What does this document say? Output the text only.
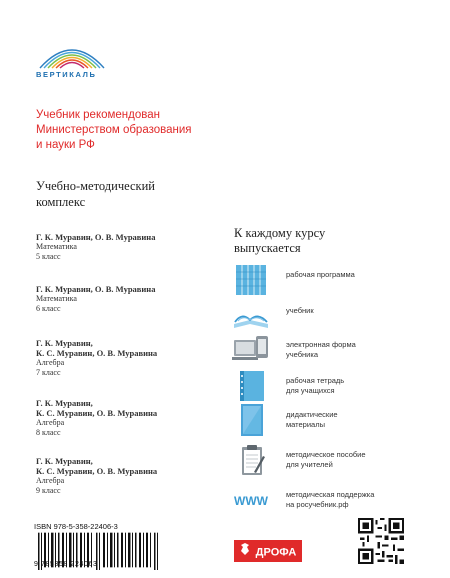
ВЕРТИКАЛЬ
Учебник рекомендован
Министерством образования
и науки РФ
Учебно-методический
комплекс
Г. К. Муравин, О. В. Муравина
Математика
5 класс
Г. К. Муравин, О. В. Муравина
Математика
6 класс
Г. К. Муравин,
К. С. Муравин, О. В. Муравина
Алгебра
7 класс
Г. К. Муравин,
К. С. Муравин, О. В. Муравина
Алгебра
8 класс
Г. К. Муравин,
К. С. Муравин, О. В. Муравина
Алгебра
9 класс
К каждому курсу
выпускается
рабочая программа
учебник
электронная форма
учебника
рабочая тетрадь
для учащихся
дидактические
материалы
методическое пособие
для учителей
WWW методическая поддержка
на росучебник.рф
ISBN 978-5-358-22406-3
9 785358 224063
ДРОФА
